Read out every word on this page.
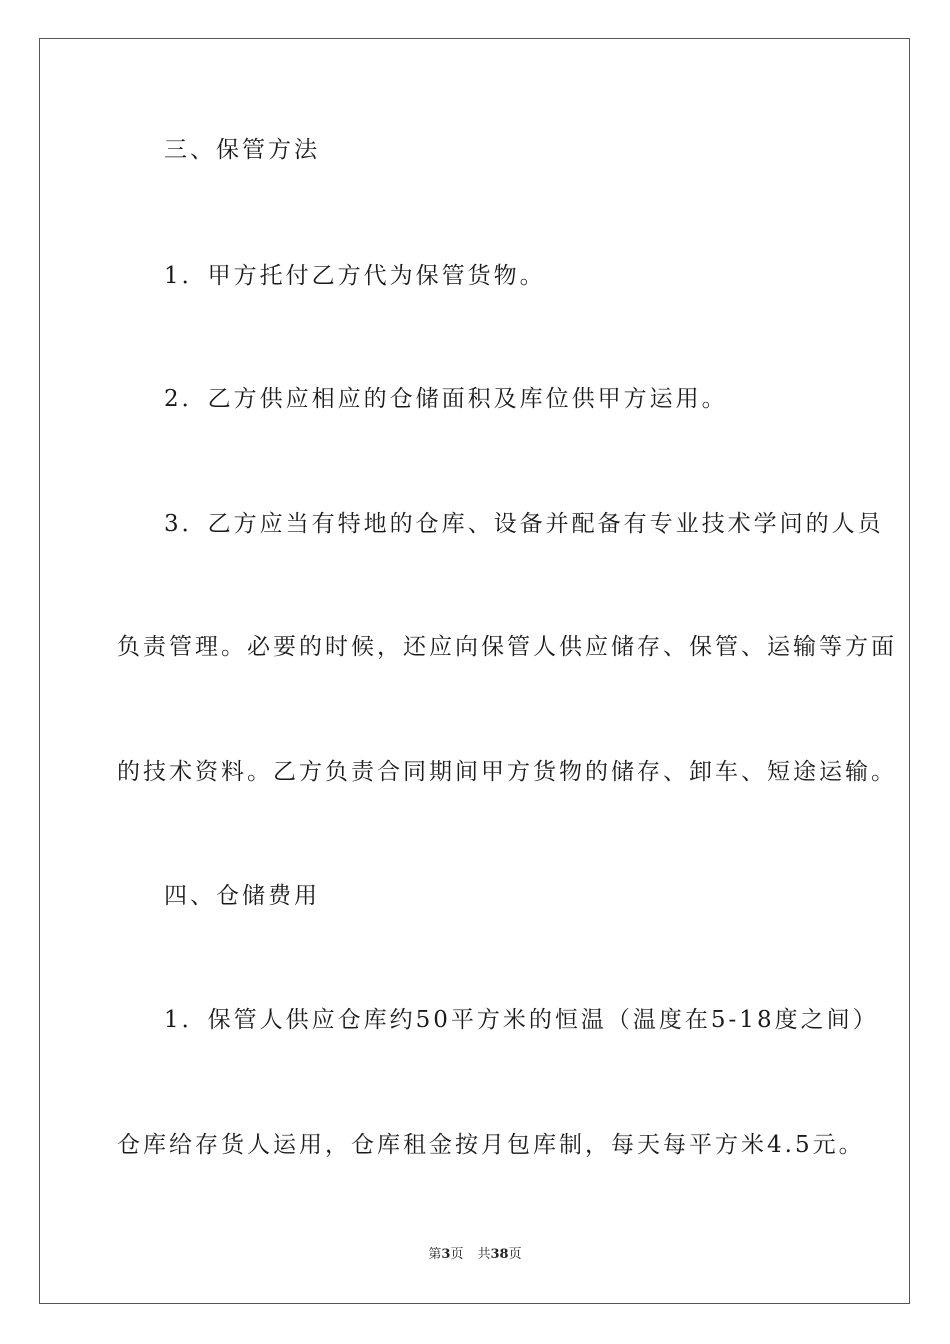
三、保管方法
1．甲方托付乙方代为保管货物。
2．乙方供应相应的仓储面积及库位供甲方运用。
3．乙方应当有特地的仓库、设备并配备有专业技术学问的人员
负责管理。必要的时候，还应向保管人供应储存、保管、运输等方面
的技术资料。乙方负责合同期间甲方货物的储存、卸车、短途运输。
四、仓储费用
1．保管人供应仓库约50平方米的恒温（温度在5-18度之间）
仓库给存货人运用，仓库租金按月包库制，每天每平方米4.5元。
第3页 共38页
